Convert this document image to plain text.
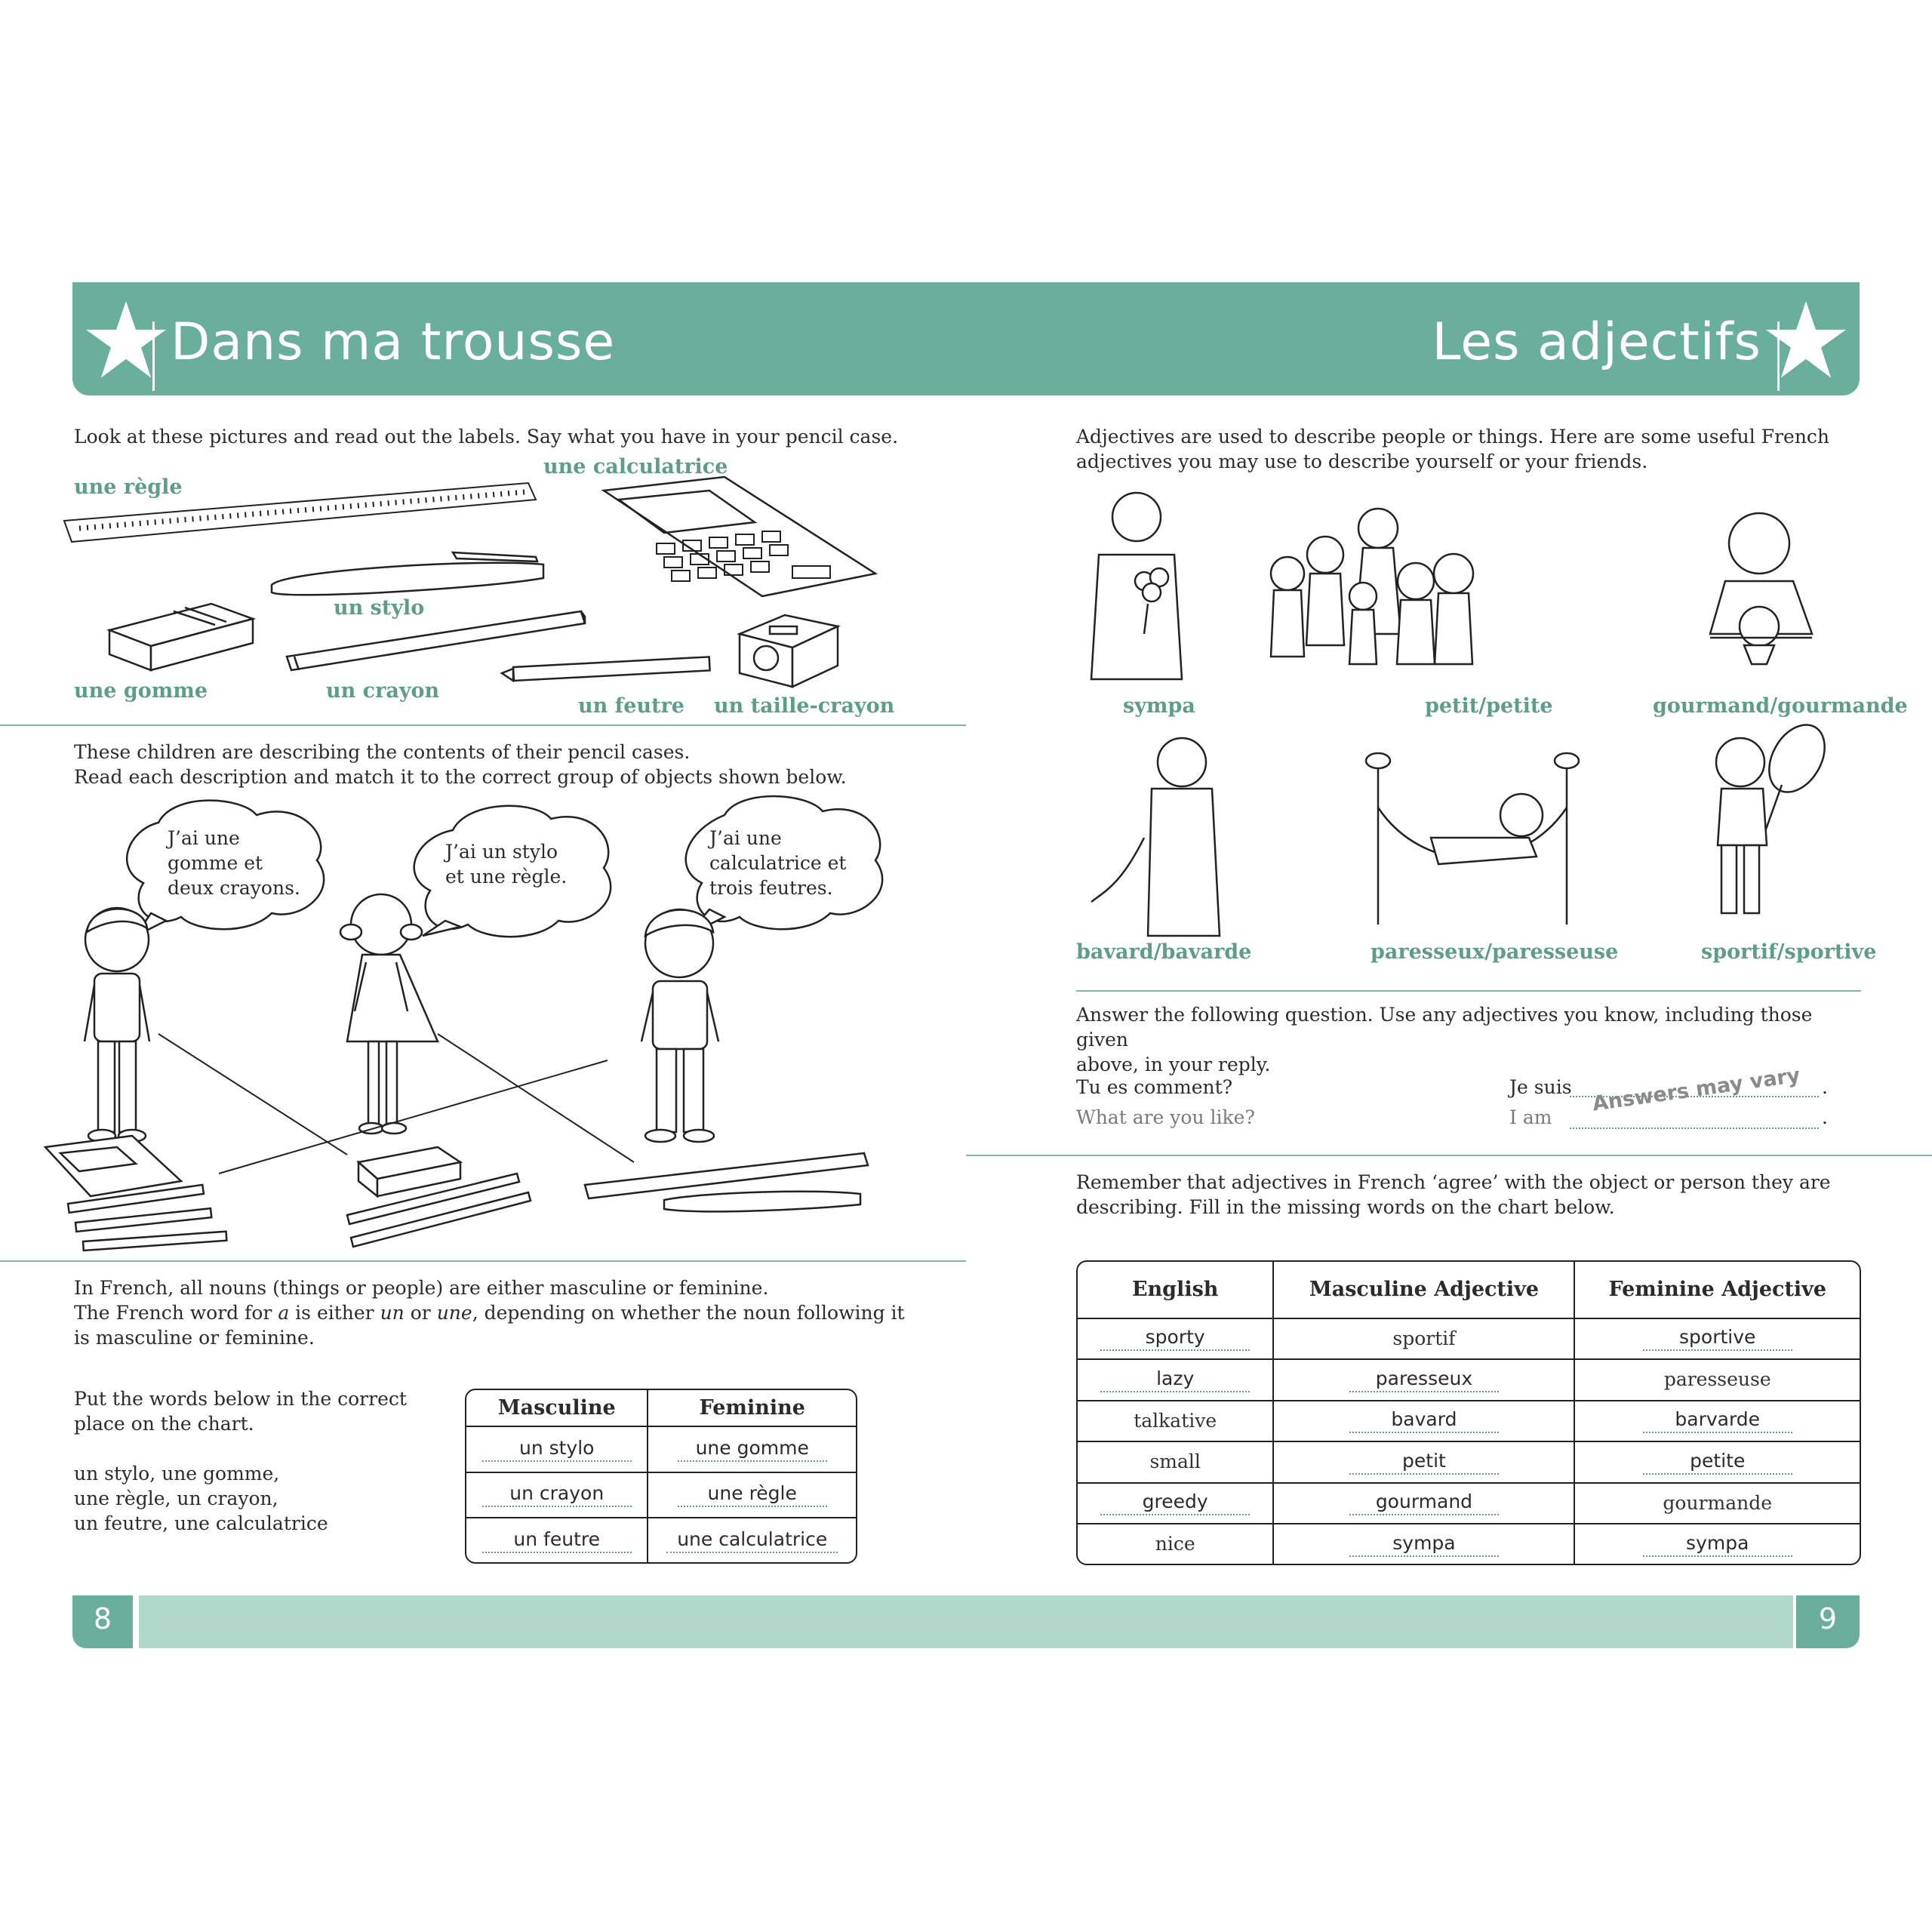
Dans ma trousse	Les adjectifs
Look at these pictures and read out the labels. Say what you have in your pencil case.
une règle
une calculatrice
un stylo
une gomme	un crayon
un feutre un taille-crayon
These children are describing the contents of their pencil cases.
Read each description and match it to the correct group of objects shown below.
J’ai une
gomme et
deux crayons.
J’ai un stylo
et une règle.
J’ai une
calculatrice et
trois feutres.
In French, all nouns (things or people) are either masculine or feminine.
The French word for a is either un or une, depending on whether the noun following it
is masculine or feminine.
Put the words below in the correct
place on the chart.
un stylo, une gomme,
une règle, un crayon,
un feutre, une calculatrice
Masculine	Feminine
un stylo	une gomme
un crayon	une règle
un feutre	une calculatrice
Adjectives are used to describe people or things. Here are some useful French
adjectives you may use to describe yourself or your friends.
sympa	petit/petite	gourmand/gourmande
bavard/bavarde	paresseux/paresseuse	sportif/sportive
Answer the following question. Use any adjectives you know, including those given
above, in your reply.
Tu es comment?
What are you like?
Je suis
I am
.
.
Answers may vary
Remember that adjectives in French ‘agree’ with the object or person they are
describing. Fill in the missing words on the chart below.
English	Masculine Adjective	Feminine Adjective
sporty	sportif	sportive
lazy	paresseux	paresseuse
talkative	bavard	barvarde
small	petit	petite
greedy	gourmand	gourmande
nice	sympa	sympa
8	9
